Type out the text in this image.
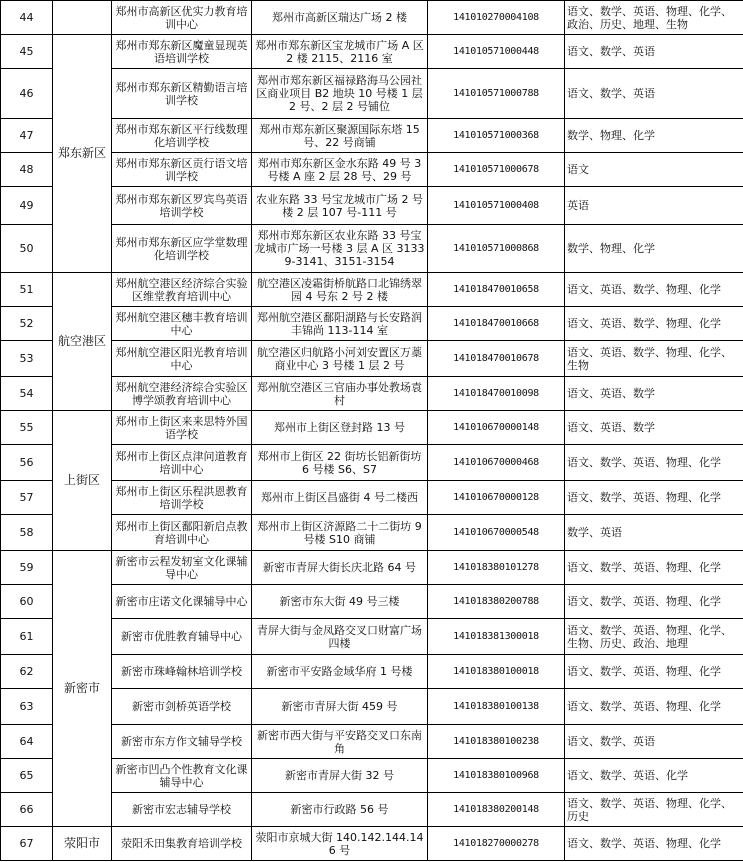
44		郑州市高新区优实力教育培训中心	郑州市高新区瑞达广场 2 楼	141010270004108	语文、数学、英语、物理、化学、政治、历史、地理、生物
45	郑东新区	郑州市郑东新区魔童显现英语培训学校	郑州市郑东新区宝龙城市广场 A 区 2 楼 2115、2116 室	141010571000448	语文、数学、英语
46		郑州市郑东新区精勤语言培训学校	郑州市郑东新区福禄路海马公园社区商业项目 B2 地块 10 号楼 1 层 2 号、2 层 2 号铺位	141010571000788	语文、数学、英语
47		郑州市郑东新区平行线数理化培训学校	郑州市郑东新区聚源国际东塔 15 号、22 号商铺	141010571000368	数学、物理、化学
48		郑州市郑东新区贡行语文培训学校	郑州市郑东新区金水东路 49 号 3 号楼 A 座 2 层 28 号、29 号	141010571000678	语文
49		郑州市郑东新区罗宾鸟英语培训学校	农业东路 33 号宝龙城市广场 2 号楼 2 层 107 号-111 号	141010571000408	英语
50		郑州市郑东新区应学堂数理化培训学校	郑州市郑东新区农业东路 33 号宝龙城市广场一号楼 3 层 A 区 31339-3141、3151-3154	141010571000868	数学、物理、化学
51	航空港区	郑州航空港区经济综合实验区维堂教育培训中心	航空港区凌霜街桥航路口北锦绣翠园 4 号东 2 号 2 楼	141018470010658	语文、英语、数学、物理、化学
52		郑州航空港区穗丰教育培训中心	郑州航空港区鄱阳湖路与长安路润丰锦尚 113-114 室	141018470010668	语文、英语、数学、物理、化学
53		郑州航空港区阳光教育培训中心	航空港区归航路小河刘安置区万藁商业中心 3 号楼 1 层 2 号	141018470010678	语文、英语、数学、物理、化学、生物
54		郑州航空港经济综合实验区博学颂教育培训中心	郑州航空港区三官庙办事处教场袁村	141018470010098	语文、英语、数学
55	上街区	郑州市上街区来来思特外国语学校	郑州市上街区登封路 13 号	141010670000148	语文、英语、数学
56		郑州市上街区点津问道教育培训中心	郑州市上街区 22 街坊长铝新街坊 6 号楼 S6、S7	141010670000468	语文、数学、英语、物理、化学
57		郑州市上街区乐程洪恩教育培训学校	郑州市上街区昌盛街 4 号二楼西	141010670000128	语文、数学、英语、物理、化学
58		郑州市上街区鄱阳新启点教育培训中心	郑州市上街区济源路二十二街坊 9 号楼 S10 商铺	141010670000548	数学、英语
59	新密市	新密市云程发轫室文化课辅导中心	新密市青屏大街长庆北路 64 号	141018380101278	语文、数学、英语、物理、化学
60		新密市庄诺文化课辅导中心	新密市东大街 49 号三楼	141018380200788	语文、数学、英语、物理、化学
61		新密市优胜教育辅导中心	青屏大街与金凤路交叉口财富广场四楼	141018381300018	语文、数学、英语、物理、化学、生物、历史、政治、地理
62		新密市珠峰翰林培训学校	新密市平安路金域华府 1 号楼	141018380100018	语文、数学、英语、物理、化学
63		新密市剑桥英语学校	新密市青屏大街 459 号	141018380100138	语文、数学、英语、物理、化学
64		新密市东方作文辅导学校	新密市西大街与平安路交叉口东南角	141018380100238	语文、数学、英语
65		新密市凹凸个性教育文化课辅导中心	新密市青屏大街 32 号	141018380100968	语文、数学、英语、化学
66		新密市宏志辅导学校	新密市行政路 56 号	141018380200148	语文、数学、英语、物理、化学、历史
67	荥阳市	荥阳禾田集教育培训学校	荥阳市京城大街 140.142.144.146 号	141018270000278	语文、数学、英语、物理、化学
